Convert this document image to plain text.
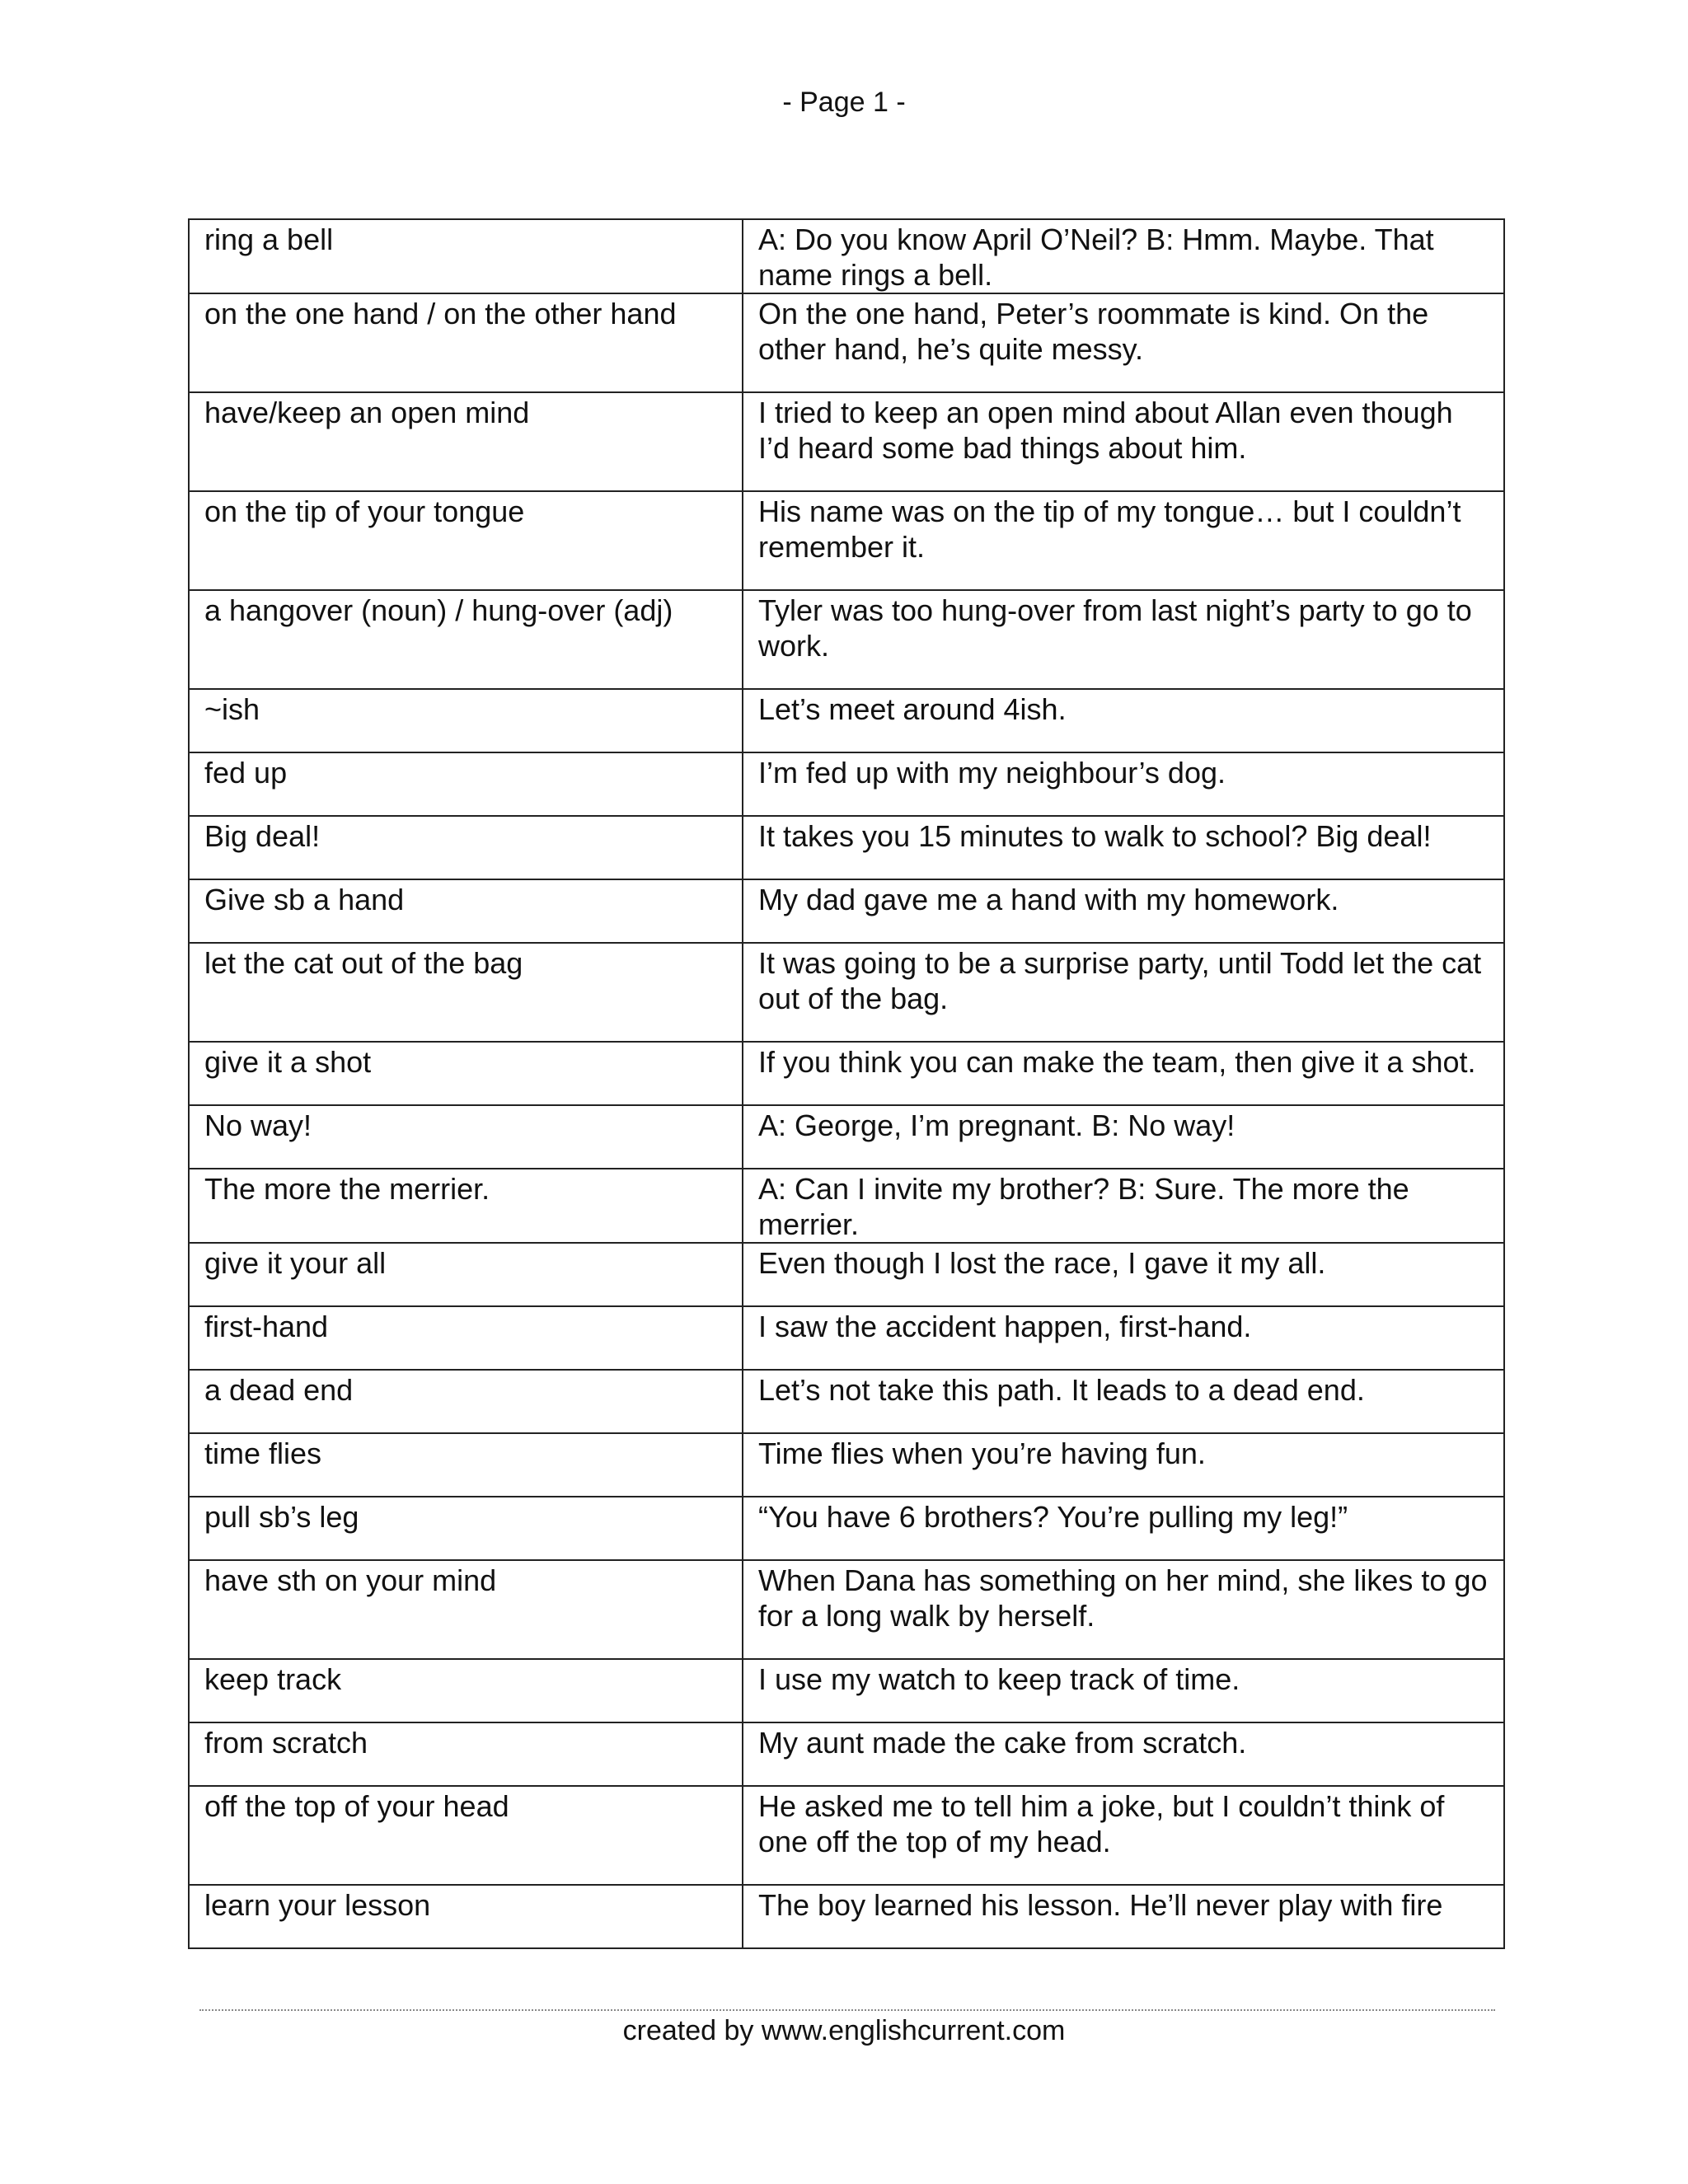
- Page 1 -
ring a bell	A: Do you know April O’Neil? B: Hmm. Maybe. That name rings a bell.

on the one hand / on the other hand	On the one hand, Peter’s roommate is kind. On the other hand, he’s quite messy.

have/keep an open mind	I tried to keep an open mind about Allan even though I’d heard some bad things about him.

on the tip of your tongue	His name was on the tip of my tongue… but I couldn’t remember it.

a hangover (noun) / hung-over (adj)	Tyler was too hung-over from last night’s party to go to work.

~ish	Let’s meet around 4ish.

fed up	I’m fed up with my neighbour’s dog.

Big deal!	It takes you 15 minutes to walk to school? Big deal!

Give sb a hand	My dad gave me a hand with my homework.

let the cat out of the bag	It was going to be a surprise party, until Todd let the cat out of the bag.

give it a shot	If you think you can make the team, then give it a shot.

No way!	A: George, I’m pregnant. B: No way!

The more the merrier.	A: Can I invite my brother? B: Sure. The more the merrier.

give it your all	Even though I lost the race, I gave it my all.

first-hand	I saw the accident happen, first-hand.

a dead end	Let’s not take this path. It leads to a dead end.

time flies	Time flies when you’re having fun.

pull sb’s leg	“You have 6 brothers? You’re pulling my leg!”

have sth on your mind	When Dana has something on her mind, she likes to go for a long walk by herself.

keep track	I use my watch to keep track of time.

from scratch	My aunt made the cake from scratch.

off the top of your head	He asked me to tell him a joke, but I couldn’t think of one off the top of my head.

learn your lesson	The boy learned his lesson. He’ll never play with fire
created by www.englishcurrent.com
